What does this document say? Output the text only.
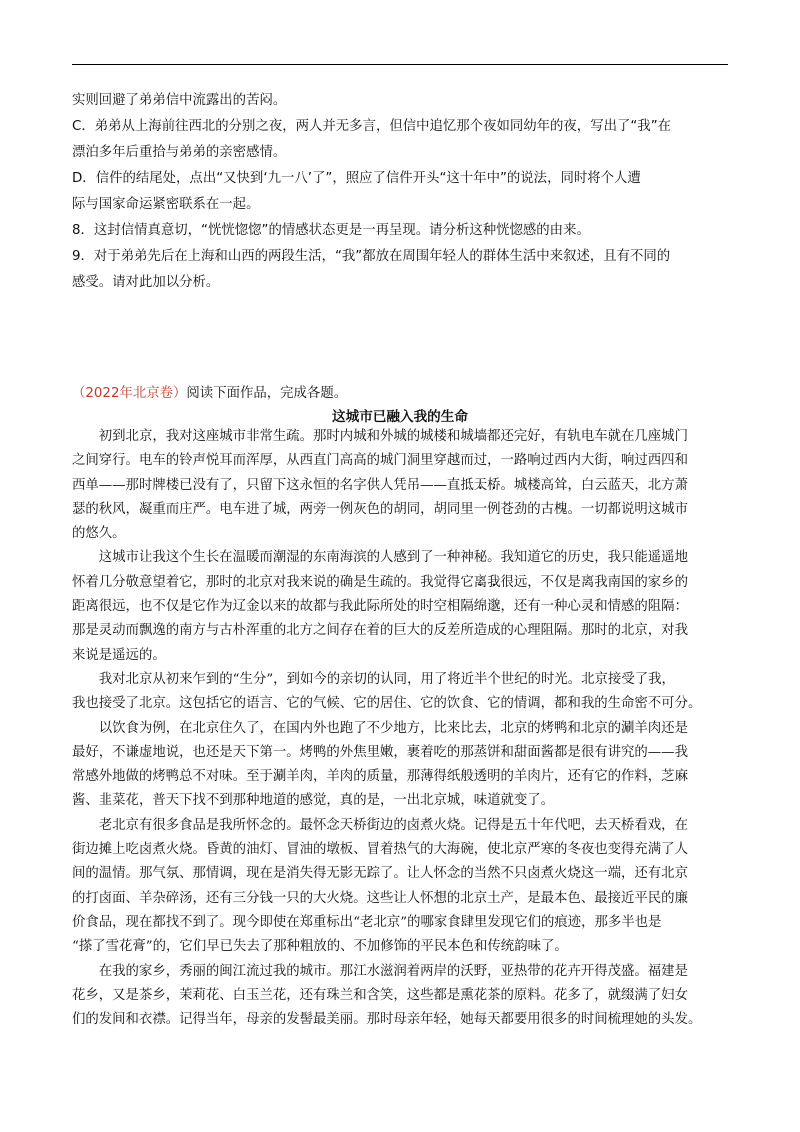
实则回避了弟弟信中流露出的苦闷。

C．弟弟从上海前往西北的分别之夜，两人并无多言，但信中追忆那个夜如同幼年的夜，写出了“我”在

漂泊多年后重拾与弟弟的亲密感情。

D．信件的结尾处，点出“又快到‘九一八’了”，照应了信件开头“这十年中”的说法，同时将个人遭

际与国家命运紧密联系在一起。

8．这封信情真意切，“恍恍惚惚”的情感状态更是一再呈现。请分析这种恍惚感的由来。

9．对于弟弟先后在上海和山西的两段生活，“我”都放在周围年轻人的群体生活中来叙述，且有不同的

感受。请对此加以分析。

（2022年北京卷）阅读下面作品，完成各题。
这城市已融入我的生命

　　初到北京，我对这座城市非常生疏。那时内城和外城的城楼和城墙都还完好，有轨电车就在几座城门

之间穿行。电车的铃声悦耳而浑厚，从西直门高高的城门洞里穿越而过，一路响过西内大街，响过西四和

西单——那时牌楼已没有了，只留下这永恒的名字供人凭吊——直抵天桥。城楼高耸，白云蓝天，北方萧

瑟的秋风，凝重而庄严。电车进了城，两旁一例灰色的胡同，胡同里一例苍劲的古槐。一切都说明这城市

的悠久。

　　这城市让我这个生长在温暖而潮湿的东南海滨的人感到了一种神秘。我知道它的历史，我只能遥遥地

怀着几分敬意望着它，那时的北京对我来说的确是生疏的。我觉得它离我很远，不仅是离我南国的家乡的

距离很远，也不仅是它作为辽金以来的故都与我此际所处的时空相隔绵邈，还有一种心灵和情感的阻隔：

那是灵动而飘逸的南方与古朴浑重的北方之间存在着的巨大的反差所造成的心理阻隔。那时的北京，对我

来说是遥远的。

　　我对北京从初来乍到的“生分”，到如今的亲切的认同，用了将近半个世纪的时光。北京接受了我，

我也接受了北京。这包括它的语言、它的气候、它的居住、它的饮食、它的情调，都和我的生命密不可分。

　　以饮食为例，在北京住久了，在国内外也跑了不少地方，比来比去，北京的烤鸭和北京的涮羊肉还是

最好，不谦虚地说，也还是天下第一。烤鸭的外焦里嫩，裹着吃的那蒸饼和甜面酱都是很有讲究的——我

常感外地做的烤鸭总不对味。至于涮羊肉，羊肉的质量，那薄得纸般透明的羊肉片，还有它的作料，芝麻

酱、韭菜花，普天下找不到那种地道的感觉，真的是，一出北京城，味道就变了。

　　老北京有很多食品是我所怀念的。最怀念天桥街边的卤煮火烧。记得是五十年代吧，去天桥看戏，在

街边摊上吃卤煮火烧。昏黄的油灯、冒油的墩板、冒着热气的大海碗，使北京严寒的冬夜也变得充满了人

间的温情。那气氛、那情调，现在是消失得无影无踪了。让人怀念的当然不只卤煮火烧这一端，还有北京

的打卤面、羊杂碎汤，还有三分钱一只的大火烧。这些让人怀想的北京土产，是最本色、最接近平民的廉

价食品，现在都找不到了。现今即使在郑重标出“老北京”的哪家食肆里发现它们的痕迹，那多半也是

“搽了雪花膏”的，它们早已失去了那种粗放的、不加修饰的平民本色和传统韵味了。

　　在我的家乡，秀丽的闽江流过我的城市。那江水滋润着两岸的沃野，亚热带的花卉开得茂盛。福建是

花乡，又是茶乡，茉莉花、白玉兰花，还有珠兰和含笑，这些都是熏花茶的原料。花多了，就缀满了妇女

们的发间和衣襟。记得当年，母亲的发髻最美丽。那时母亲年轻，她每天都要用很多的时间梳理她的头发。
